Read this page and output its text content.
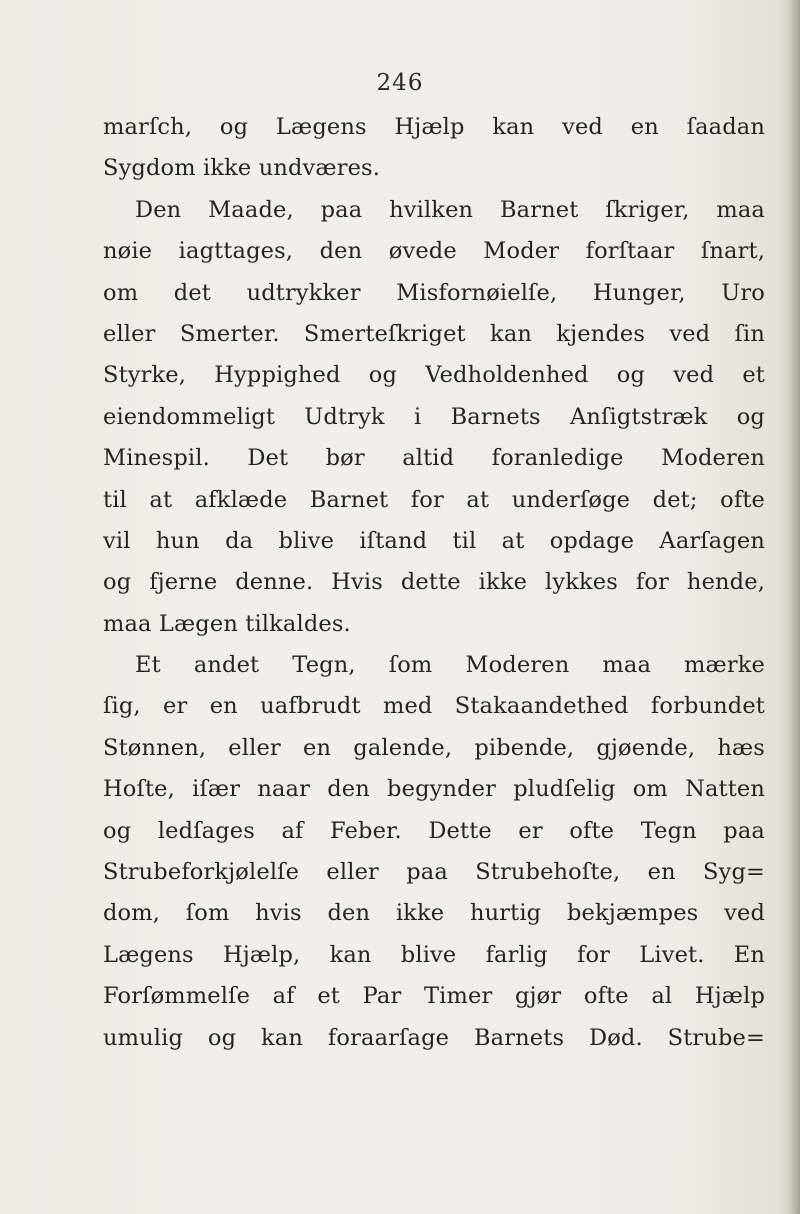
246
marſch, og Lægens Hjælp kan ved en ſaadan
Sygdom ikke undværes.
Den Maade, paa hvilken Barnet ſkriger, maa
nøie iagttages, den øvede Moder forſtaar ſnart,
om det udtrykker Misfornøielſe, Hunger, Uro
eller Smerter. Smerteſkriget kan kjendes ved ſin
Styrke, Hyppighed og Vedholdenhed og ved et
eiendommeligt Udtryk i Barnets Anſigtstræk og
Minespil. Det bør altid foranledige Moderen
til at afklæde Barnet for at underſøge det; ofte
vil hun da blive iſtand til at opdage Aarſagen
og fjerne denne. Hvis dette ikke lykkes for hende,
maa Lægen tilkaldes.
Et andet Tegn, ſom Moderen maa mærke
ſig, er en uafbrudt med Stakaandethed forbundet
Stønnen, eller en galende, pibende, gjøende, hæs
Hoſte, iſær naar den begynder pludſelig om Natten
og ledſages af Feber. Dette er ofte Tegn paa
Strubeforkjølelſe eller paa Strubehoſte, en Syg=
dom, ſom hvis den ikke hurtig bekjæmpes ved
Lægens Hjælp, kan blive farlig for Livet. En
Forſømmelſe af et Par Timer gjør ofte al Hjælp
umulig og kan foraarſage Barnets Død. Strube=
